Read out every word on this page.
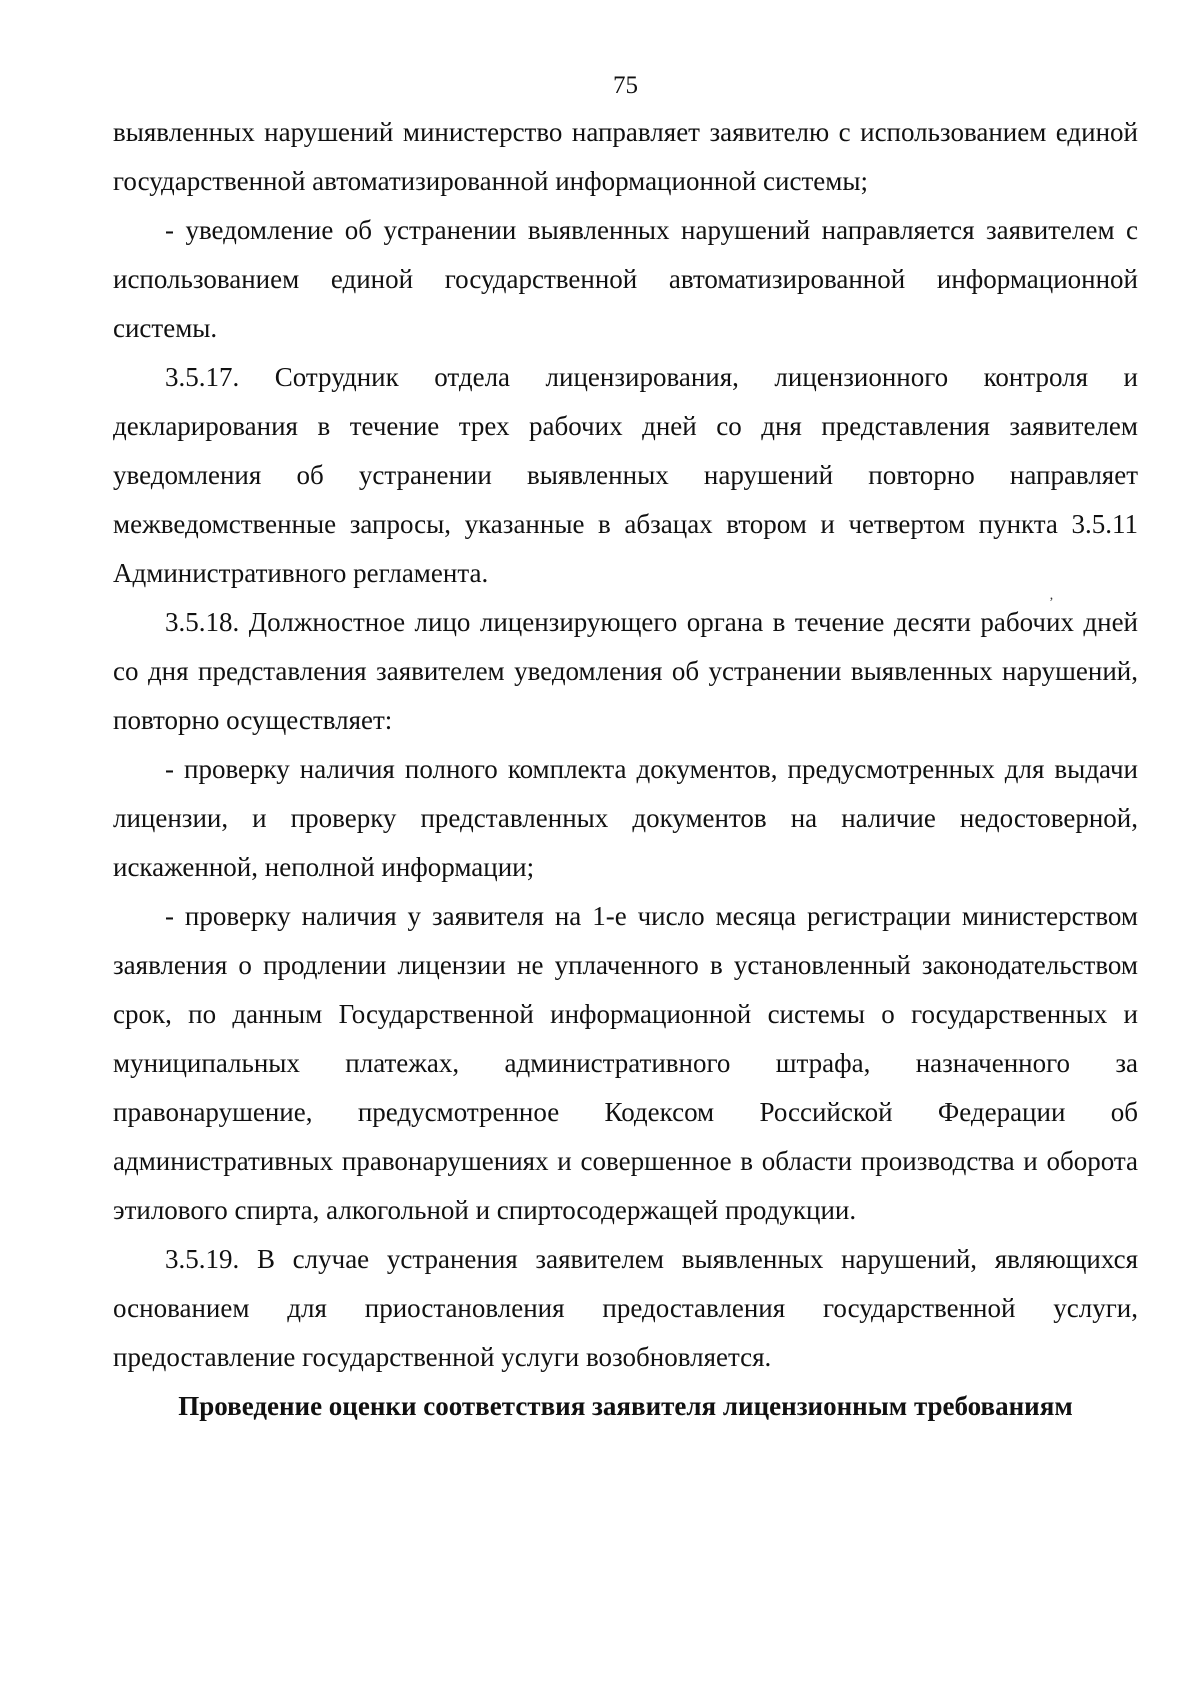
75

выявленных нарушений министерство направляет заявителю с использованием единой государственной автоматизированной информационной системы;

- уведомление об устранении выявленных нарушений направляется заявителем с использованием единой государственной автоматизированной информационной системы.

3.5.17. Сотрудник отдела лицензирования, лицензионного контроля и декларирования в течение трех рабочих дней со дня представления заявителем уведомления об устранении выявленных нарушений повторно направляет межведомственные запросы, указанные в абзацах втором и четвертом пункта 3.5.11 Административного регламента.

3.5.18. Должностное лицо лицензирующего органа в течение десяти рабочих дней со дня представления заявителем уведомления об устранении выявленных нарушений, повторно осуществляет:

- проверку наличия полного комплекта документов, предусмотренных для выдачи лицензии, и проверку представленных документов на наличие недостоверной, искаженной, неполной информации;

- проверку наличия у заявителя на 1-е число месяца регистрации министерством заявления о продлении лицензии не уплаченного в установленный законодательством срок, по данным Государственной информационной системы о государственных и муниципальных платежах, административного штрафа, назначенного за правонарушение, предусмотренное Кодексом Российской Федерации об административных правонарушениях и совершенное в области производства и оборота этилового спирта, алкогольной и спиртосодержащей продукции.

3.5.19. В случае устранения заявителем выявленных нарушений, являющихся основанием для приостановления предоставления государственной услуги, предоставление государственной услуги возобновляется.

Проведение оценки соответствия заявителя лицензионным требованиям
‚
